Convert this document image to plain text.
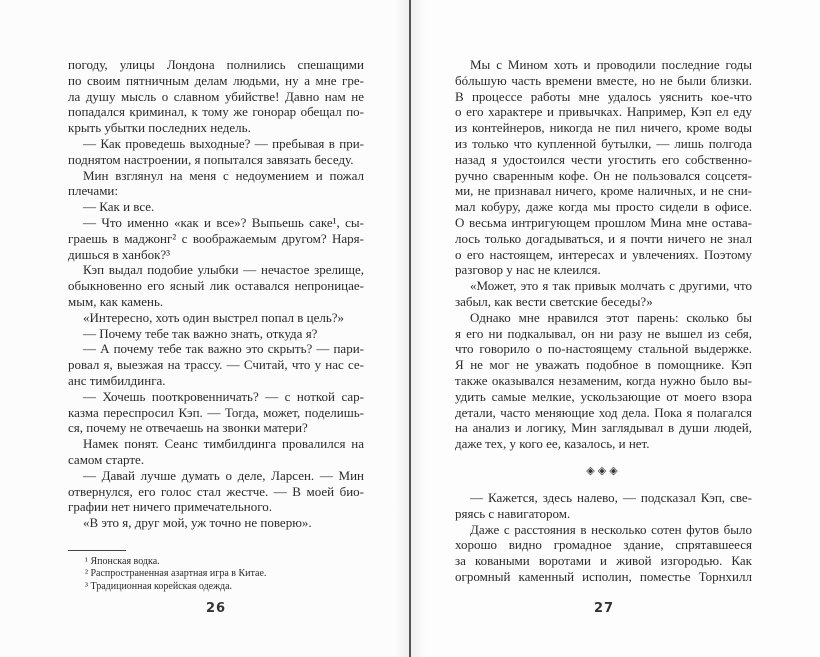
погоду, улицы Лондона полнились спешащими
по своим пятничным делам людьми, ну а мне гре-
ла душу мысль о славном убийстве! Давно нам не
попадался криминал, к тому же гонорар обещал по-
крыть убытки последних недель.
— Как проведешь выходные? — пребывая в при-
поднятом настроении, я попытался завязать беседу.
Мин взглянул на меня с недоумением и пожал
плечами:
— Как и все.
— Что именно «как и все»? Выпьешь саке¹, сы-
граешь в маджонг² с воображаемым другом? Наря-
дишься в ханбок?³
Кэп выдал подобие улыбки — нечастое зрелище,
обыкновенно его ясный лик оставался непроницае-
мым, как камень.
«Интересно, хоть один выстрел попал в цель?»
— Почему тебе так важно знать, откуда я?
— А почему тебе так важно это скрыть? — пари-
ровал я, выезжая на трассу. — Считай, что у нас се-
анс тимбилдинга.
— Хочешь пооткровенничать? — с ноткой сар-
казма переспросил Кэп. — Тогда, может, поделишь-
ся, почему не отвечаешь на звонки матери?
Намек понят. Сеанс тимбилдинга провалился на
самом старте.
— Давай лучше думать о деле, Ларсен. — Мин
отвернулся, его голос стал жестче. — В моей био-
графии нет ничего примечательного.
«В это я, друг мой, уж точно не поверю».
¹ Японская водка.
² Распространенная азартная игра в Китае.
³ Традиционная корейская одежда.
26
Мы с Мином хоть и проводили последние годы
бóльшую часть времени вместе, но не были близки.
В процессе работы мне удалось уяснить кое-что
о его характере и привычках. Например, Кэп ел еду
из контейнеров, никогда не пил ничего, кроме воды
из только что купленной бутылки, — лишь полгода
назад я удостоился чести угостить его собственно-
ручно сваренным кофе. Он не пользовался соцсетя-
ми, не признавал ничего, кроме наличных, и не сни-
мал кобуру, даже когда мы просто сидели в офисе.
О весьма интригующем прошлом Мина мне остава-
лось только догадываться, и я почти ничего не знал
о его настоящем, интересах и увлечениях. Поэтому
разговор у нас не клеился.
«Может, это я так привык молчать с другими, что
забыл, как вести светские беседы?»
Однако мне нравился этот парень: сколько бы
я его ни подкалывал, он ни разу не вышел из себя,
что говорило о по-настоящему стальной выдержке.
Я не мог не уважать подобное в помощнике. Кэп
также оказывался незаменим, когда нужно было вы-
удить самые мелкие, ускользающие от моего взора
детали, часто меняющие ход дела. Пока я полагался
на анализ и логику, Мин заглядывал в души людей,
даже тех, у кого ее, казалось, и нет.
◈◈◈
— Кажется, здесь налево, — подсказал Кэп, све-
ряясь с навигатором.
Даже с расстояния в несколько сотен футов было
хорошо видно громадное здание, спрятавшееся
за коваными воротами и живой изгородью. Как
огромный каменный исполин, поместье Торнхилл
27
